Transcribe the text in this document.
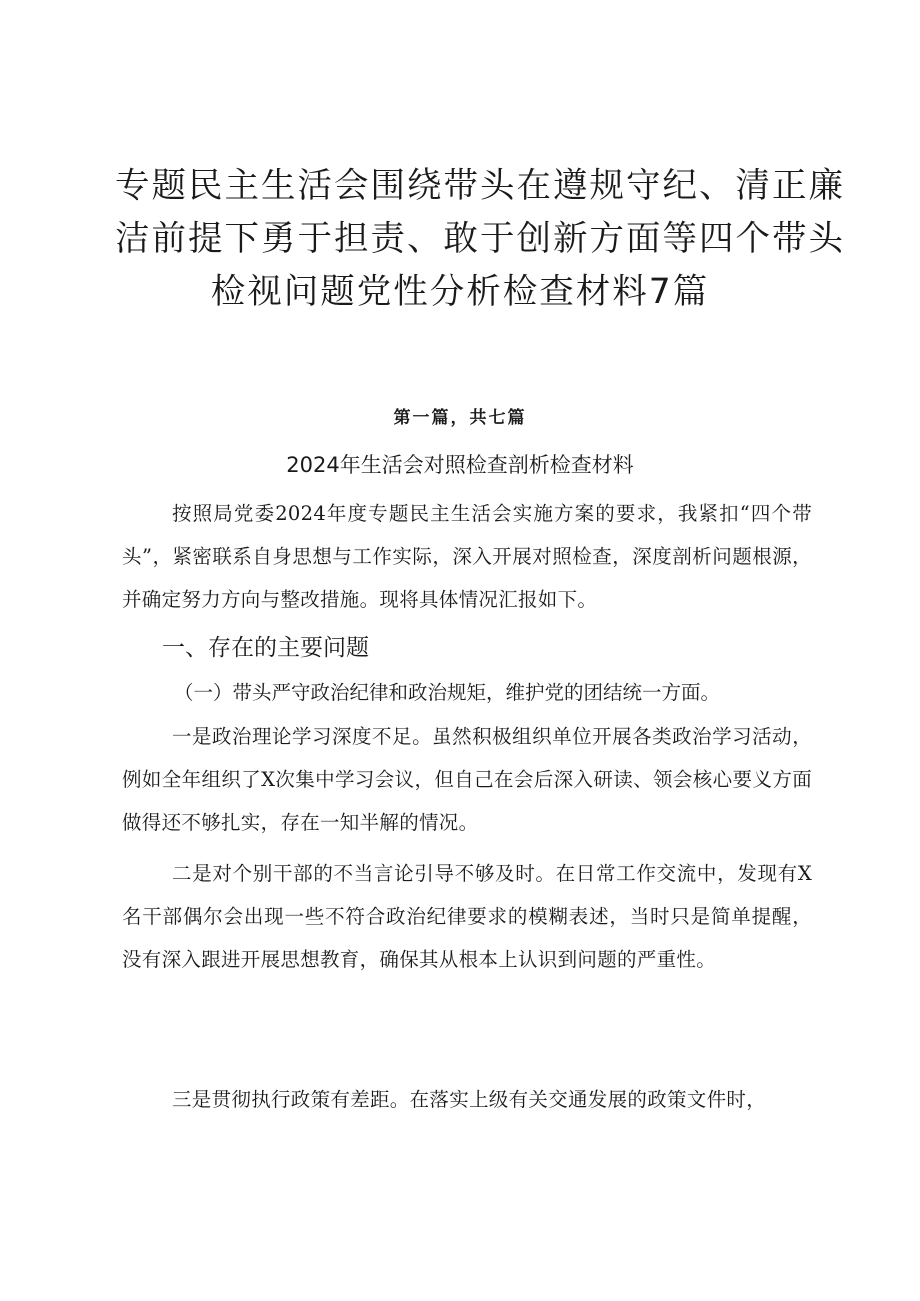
专题民主生活会围绕带头在遵规守纪、清正廉
洁前提下勇于担责、敢于创新方面等四个带头
检视问题党性分析检查材料7篇

第一篇，共七篇

2024年生活会对照检查剖析检查材料

按照局党委2024年度专题民主生活会实施方案的要求，我紧扣“四个带头”，紧密联系自身思想与工作实际，深入开展对照检查，深度剖析问题根源，并确定努力方向与整改措施。现将具体情况汇报如下。

一、存在的主要问题

（一）带头严守政治纪律和政治规矩，维护党的团结统一方面。

一是政治理论学习深度不足。虽然积极组织单位开展各类政治学习活动，例如全年组织了X次集中学习会议，但自己在会后深入研读、领会核心要义方面做得还不够扎实，存在一知半解的情况。

二是对个别干部的不当言论引导不够及时。在日常工作交流中，发现有X名干部偶尔会出现一些不符合政治纪律要求的模糊表述，当时只是简单提醒，没有深入跟进开展思想教育，确保其从根本上认识到问题的严重性。

三是贯彻执行政策有差距。在落实上级有关交通发展的政策文件时，
